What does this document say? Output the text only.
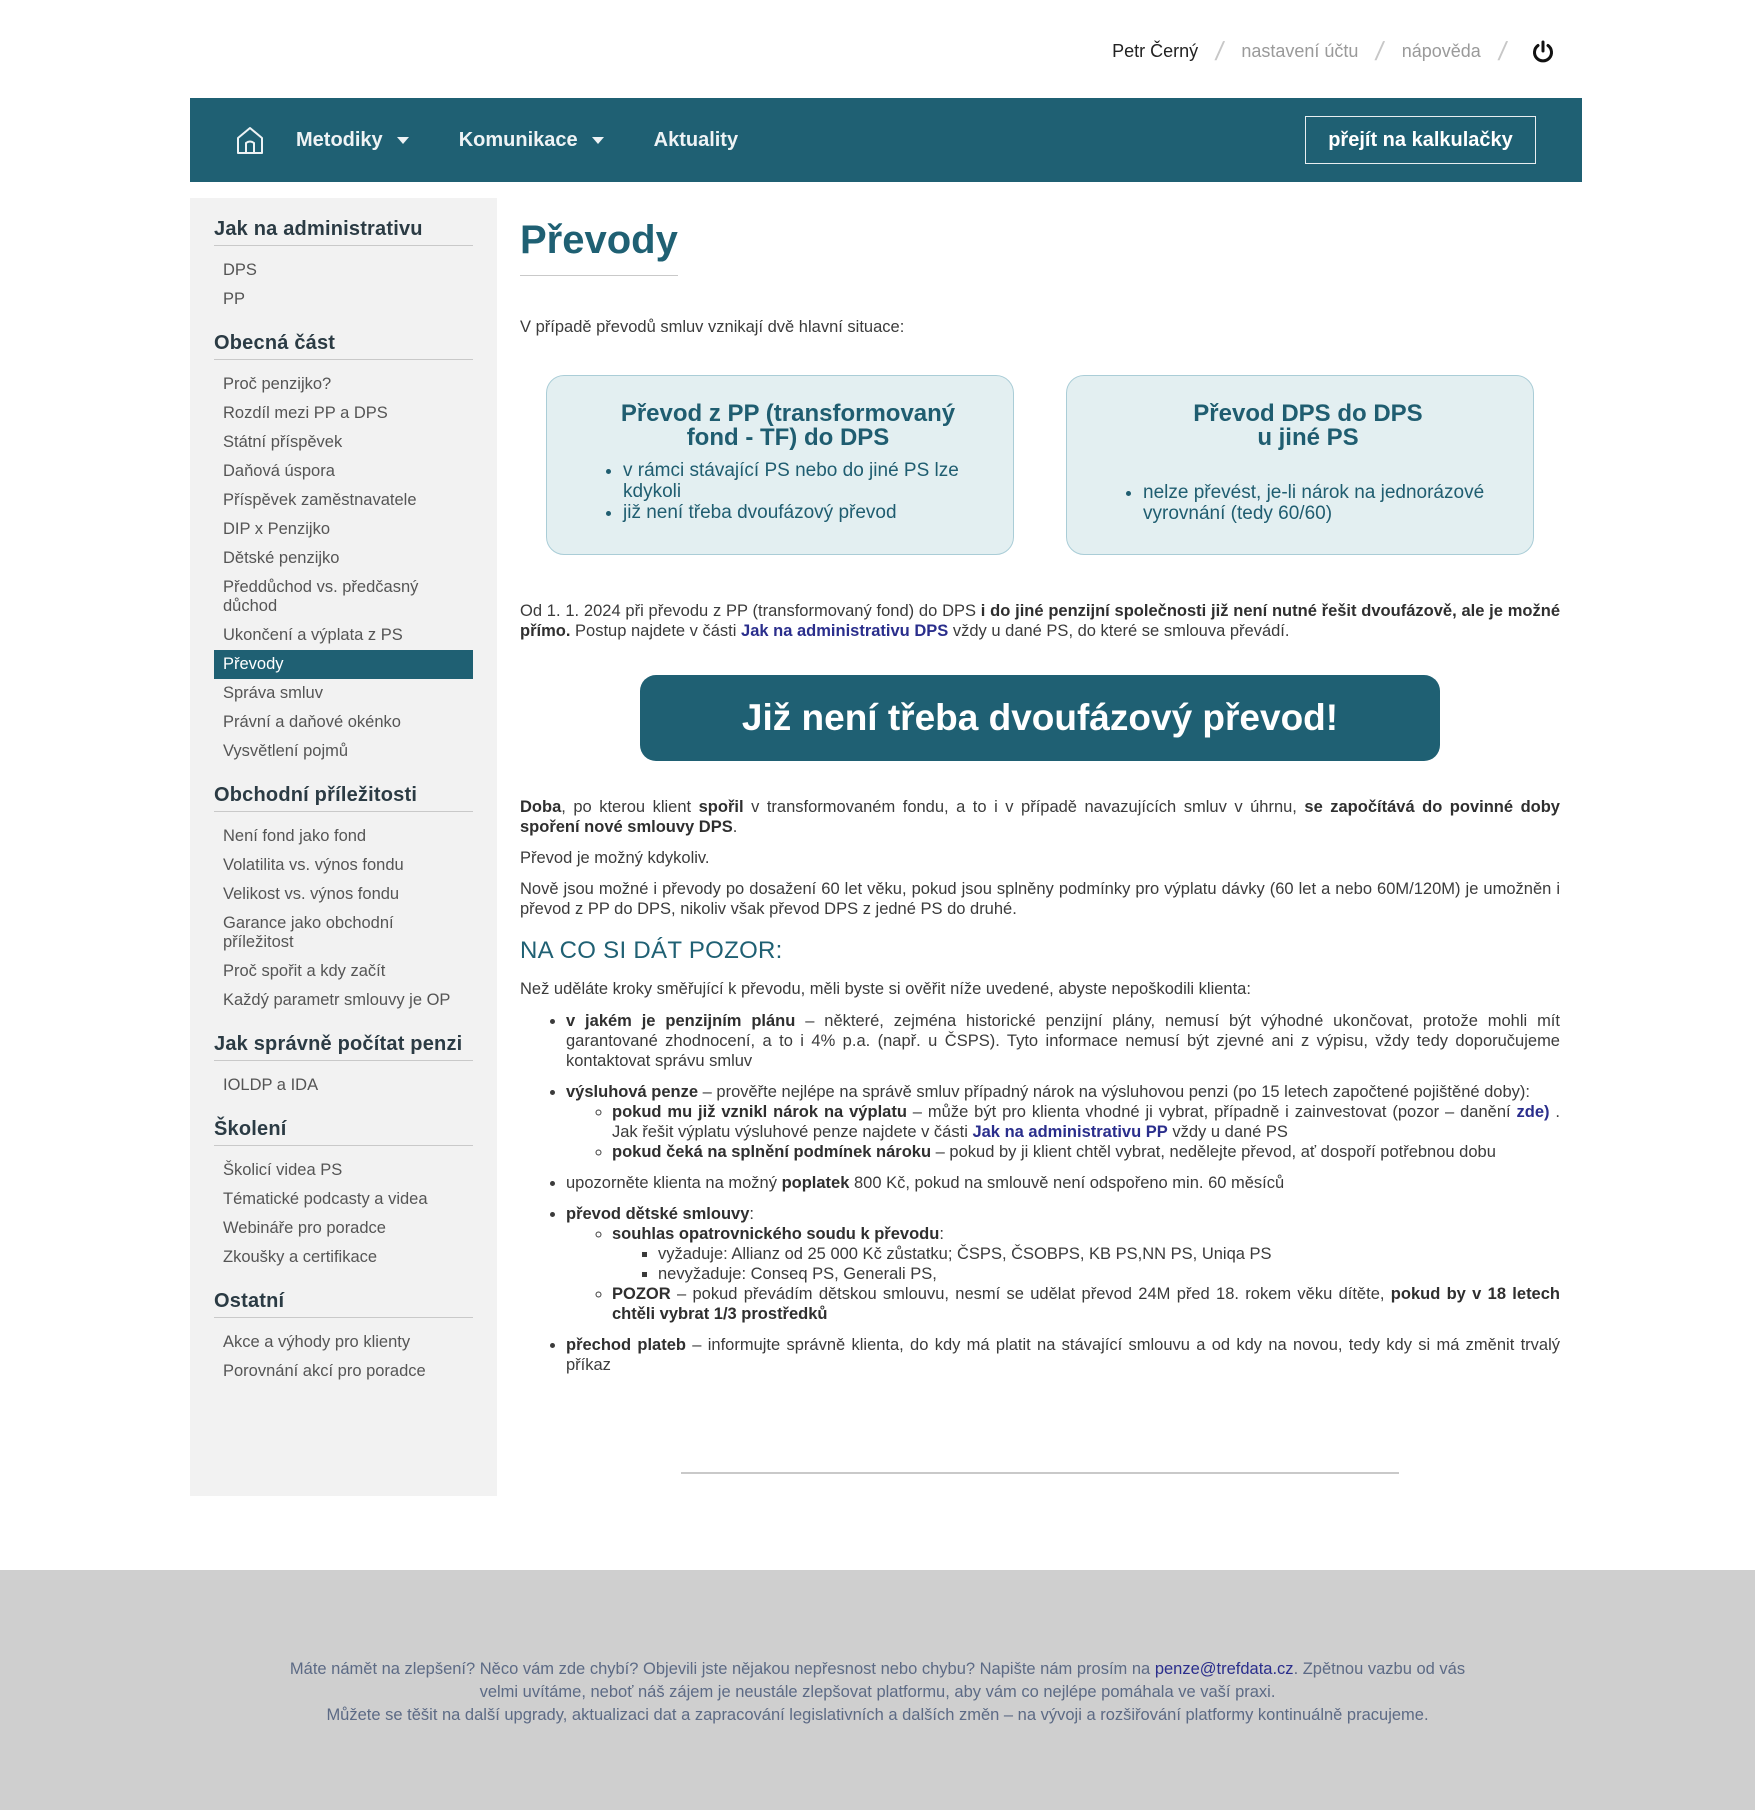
Petr Černý / nastavení účtu / nápověda /
Metodiky	Komunikace	Aktuality	přejít na kalkulačky
Jak na administrativu
DPS
PP
Obecná část
Proč penzijko?
Rozdíl mezi PP a DPS
Státní příspěvek
Daňová úspora
Příspěvek zaměstnavatele
DIP x Penzijko
Dětské penzijko
Předdůchod vs. předčasný důchod
Ukončení a výplata z PS
Převody
Správa smluv
Právní a daňové okénko
Vysvětlení pojmů
Obchodní příležitosti
Není fond jako fond
Volatilita vs. výnos fondu
Velikost vs. výnos fondu
Garance jako obchodní příležitost
Proč spořit a kdy začít
Každý parametr smlouvy je OP
Jak správně počítat penzi
IOLDP a IDA
Školení
Školicí videa PS
Tématické podcasty a videa
Webináře pro poradce
Zkoušky a certifikace
Ostatní
Akce a výhody pro klienty
Porovnání akcí pro poradce
Převody
V případě převodů smluv vznikají dvě hlavní situace:
Převod z PP (transformovaný fond - TF) do DPS
• v rámci stávající PS nebo do jiné PS lze kdykoli
• již není třeba dvoufázový převod
Převod DPS do DPS
u jiné PS
• nelze převést, je-li nárok na jednorázové vyrovnání (tedy 60/60)

Od 1. 1. 2024 při převodu z PP (transformovaný fond) do DPS i do jiné penzijní společnosti již není nutné řešit dvoufázově, ale je možné přímo. Postup najdete v části Jak na administrativu DPS vždy u dané PS, do které se smlouva převádí.

Již není třeba dvoufázový převod!

Doba, po kterou klient spořil v transformovaném fondu, a to i v případě navazujících smluv v úhrnu, se započítává do povinné doby spoření nové smlouvy DPS.

Převod je možný kdykoliv.

Nově jsou možné i převody po dosažení 60 let věku, pokud jsou splněny podmínky pro výplatu dávky (60 let a nebo 60M/120M) je umožněn i převod z PP do DPS, nikoliv však převod DPS z jedné PS do druhé.

NA CO SI DÁT POZOR:

Než uděláte kroky směřující k převodu, měli byste si ověřit níže uvedené, abyste nepoškodili klienta:

• v jakém je penzijním plánu – některé, zejména historické penzijní plány, nemusí být výhodné ukončovat, protože mohli mít garantované zhodnocení, a to i 4% p.a. (např. u ČSPS). Tyto informace nemusí být zjevné ani z výpisu, vždy tedy doporučujeme kontaktovat správu smluv
• výsluhová penze – prověřte nejlépe na správě smluv případný nárok na výsluhovou penzi (po 15 letech započtené pojištěné doby):
◦ pokud mu již vznikl nárok na výplatu – může být pro klienta vhodné ji vybrat, případně i zainvestovat (pozor – danění zde) . Jak řešit výplatu výsluhové penze najdete v části Jak na administrativu PP vždy u dané PS
◦ pokud čeká na splnění podmínek nároku – pokud by ji klient chtěl vybrat, nedělejte převod, ať dospoří potřebnou dobu
• upozorněte klienta na možný poplatek 800 Kč, pokud na smlouvě není odspořeno min. 60 měsíců
• převod dětské smlouvy:
◦ souhlas opatrovnického soudu k převodu:
▪ vyžaduje: Allianz od 25 000 Kč zůstatku; ČSPS, ČSOBPS, KB PS,NN PS, Uniqa PS
▪ nevyžaduje: Conseq PS, Generali PS,
◦ POZOR – pokud převádím dětskou smlouvu, nesmí se udělat převod 24M před 18. rokem věku dítěte, pokud by v 18 letech chtěli vybrat 1/3 prostředků
• přechod plateb – informujte správně klienta, do kdy má platit na stávající smlouvu a od kdy na novou, tedy kdy si má změnit trvalý příkaz
Máte námět na zlepšení? Něco vám zde chybí? Objevili jste nějakou nepřesnost nebo chybu? Napište nám prosím na penze@trefdata.cz. Zpětnou vazbu od vás
velmi uvítáme, neboť náš zájem je neustále zlepšovat platformu, aby vám co nejlépe pomáhala ve vaší praxi.
Můžete se těšit na další upgrady, aktualizaci dat a zapracování legislativních a dalších změn – na vývoji a rozšiřování platformy kontinuálně pracujeme.
